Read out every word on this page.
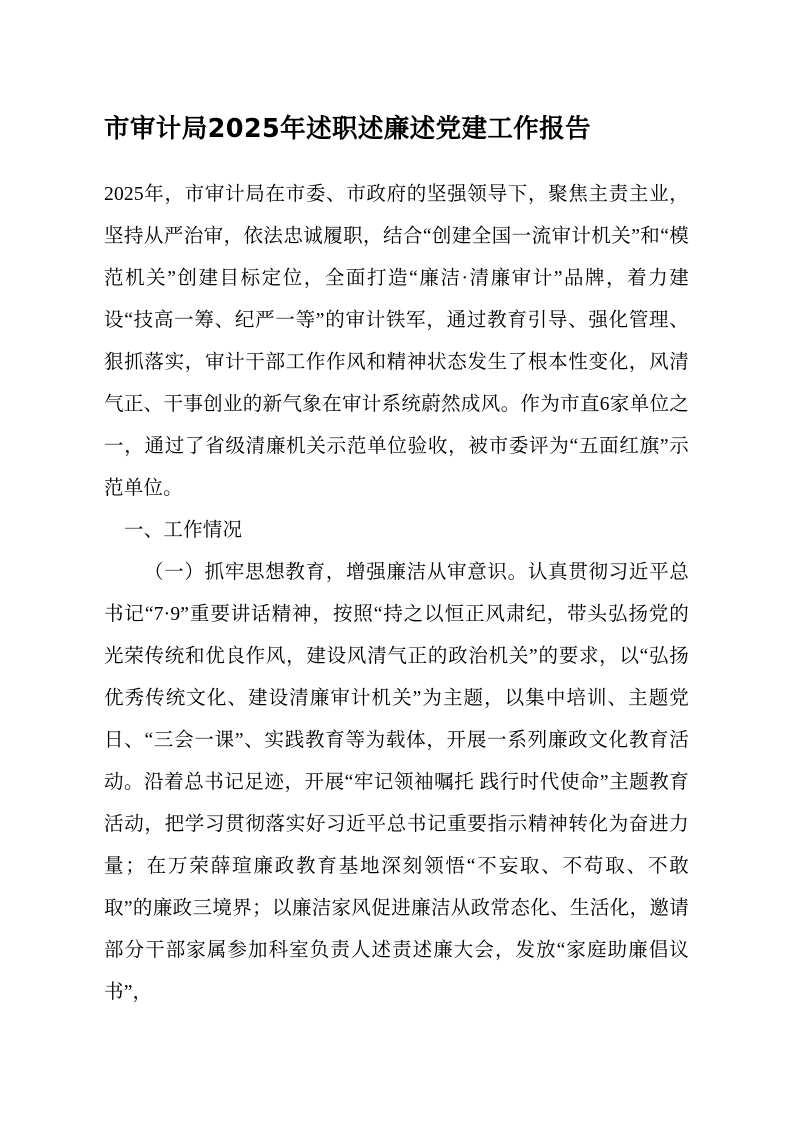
市审计局2025年述职述廉述党建工作报告

2025年，市审计局在市委、市政府的坚强领导下，聚焦主责主业，坚持从严治审，依法忠诚履职，结合“创建全国一流审计机关”和“模范机关”创建目标定位，全面打造“廉洁·清廉审计”品牌，着力建设“技高一筹、纪严一等”的审计铁军，通过教育引导、强化管理、狠抓落实，审计干部工作作风和精神状态发生了根本性变化，风清气正、干事创业的新气象在审计系统蔚然成风。作为市直6家单位之一，通过了省级清廉机关示范单位验收，被市委评为“五面红旗”示范单位。

一、工作情况

（一）抓牢思想教育，增强廉洁从审意识。认真贯彻习近平总书记“7·9”重要讲话精神，按照“持之以恒正风肃纪，带头弘扬党的光荣传统和优良作风，建设风清气正的政治机关”的要求，以“弘扬优秀传统文化、建设清廉审计机关”为主题，以集中培训、主题党日、“三会一课”、实践教育等为载体，开展一系列廉政文化教育活动。沿着总书记足迹，开展“牢记领袖嘱托 践行时代使命”主题教育活动，把学习贯彻落实好习近平总书记重要指示精神转化为奋进力量；在万荣薛瑄廉政教育基地深刻领悟“不妄取、不苟取、不敢取”的廉政三境界；以廉洁家风促进廉洁从政常态化、生活化，邀请部分干部家属参加科室负责人述责述廉大会，发放“家庭助廉倡议书”，
